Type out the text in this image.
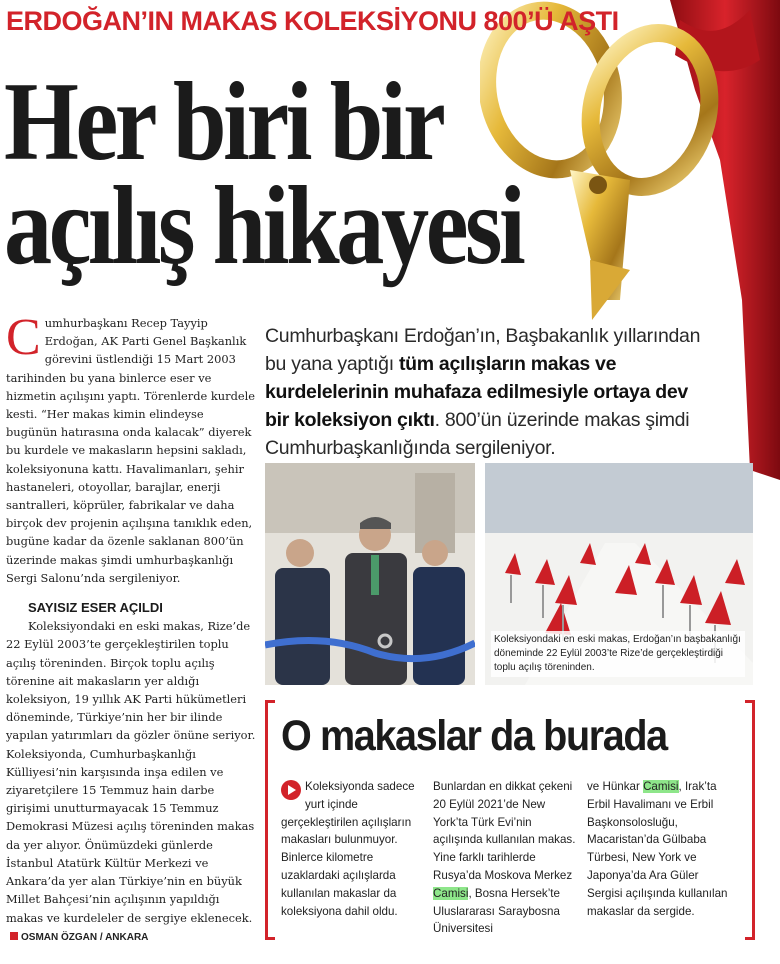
ERDOĞAN’IN MAKAS KOLEKSİYONU 800’Ü AŞTI
Her biri bir
açılış hikayesi

Cumhurbaşkanı Recep Tayyip Erdoğan, AK Parti Genel Başkanlık görevini üstlendiği 15 Mart 2003 tarihinden bu yana binlerce eser ve hizmetin açılışını yaptı. Törenlerde kurdele kesti. “Her makas kimin elindeyse bugünün hatırasına onda kalacak” diyerek bu kurdele ve makasların hepsini sakladı, koleksiyonuna kattı. Havalimanları, şehir hastaneleri, otoyollar, barajlar, enerji santralleri, köprüler, fabrikalar ve daha birçok dev projenin açılışına tanıklık eden, bugüne kadar da özenle saklanan 800’ün üzerinde makas şimdi umhurbaşkanlığı Sergi Salonu’nda sergileniyor.

SAYISIZ ESER AÇILDI

Koleksiyondaki en eski makas, Rize’de 22 Eylül 2003’te gerçekleştirilen toplu açılış töreninden. Birçok toplu açılış törenine ait makasların yer aldığı koleksiyon, 19 yıllık AK Parti hükümetleri döneminde, Türkiye’nin her bir ilinde yapılan yatırımları da gözler önüne seriyor. Koleksiyonda, Cumhurbaşkanlığı Külliyesi’nin karşısında inşa edilen ve ziyaretçilere 15 Temmuz hain darbe girişimi unutturmayacak 15 Temmuz Demokrasi Müzesi açılış töreninden makas da yer alıyor. Önümüzdeki günlerde İstanbul Atatürk Kültür Merkezi ve Ankara’da yer alan Türkiye’nin en büyük Millet Bahçesi’nin açılışının yapıldığı makas ve kurdeleler de sergiye eklenecek.OSMAN ÖZGAN / ANKARA

Cumhurbaşkanı Erdoğan’ın, Başbakanlık yıllarından bu yana yaptığı tüm açılışların makas ve kurdelelerinin muhafaza edilmesiyle ortaya dev bir koleksiyon çıktı. 800’ün üzerinde makas şimdi Cumhurbaşkanlığında sergileniyor.

Koleksiyondaki en eski makas, Erdoğan’ın başbakanlığı döneminde 22 Eylül 2003’te Rize’de gerçekleştirdiği toplu açılış töreninden.

O makaslar da burada

Koleksiyonda sadece yurt içinde gerçekleştirilen açılışların makasları bulunmuyor. Binlerce kilometre uzaklardaki açılışlarda kullanılan makaslar da koleksiyona dahil oldu.

Bunlardan en dikkat çekeni 20 Eylül 2021’de New York’ta Türk Evi’nin açılışında kullanılan makas. Yine farklı tarihlerde Rusya’da Moskova Merkez Camisi, Bosna Hersek’te Uluslararası Saraybosna Üniversitesi

ve Hünkar Camisi, Irak’ta Erbil Havalimanı ve Erbil Başkonsolosluğu, Macaristan’da Gülbaba Türbesi, New York ve Japonya’da Ara Güler Sergisi açılışında kullanılan makaslar da sergide.
